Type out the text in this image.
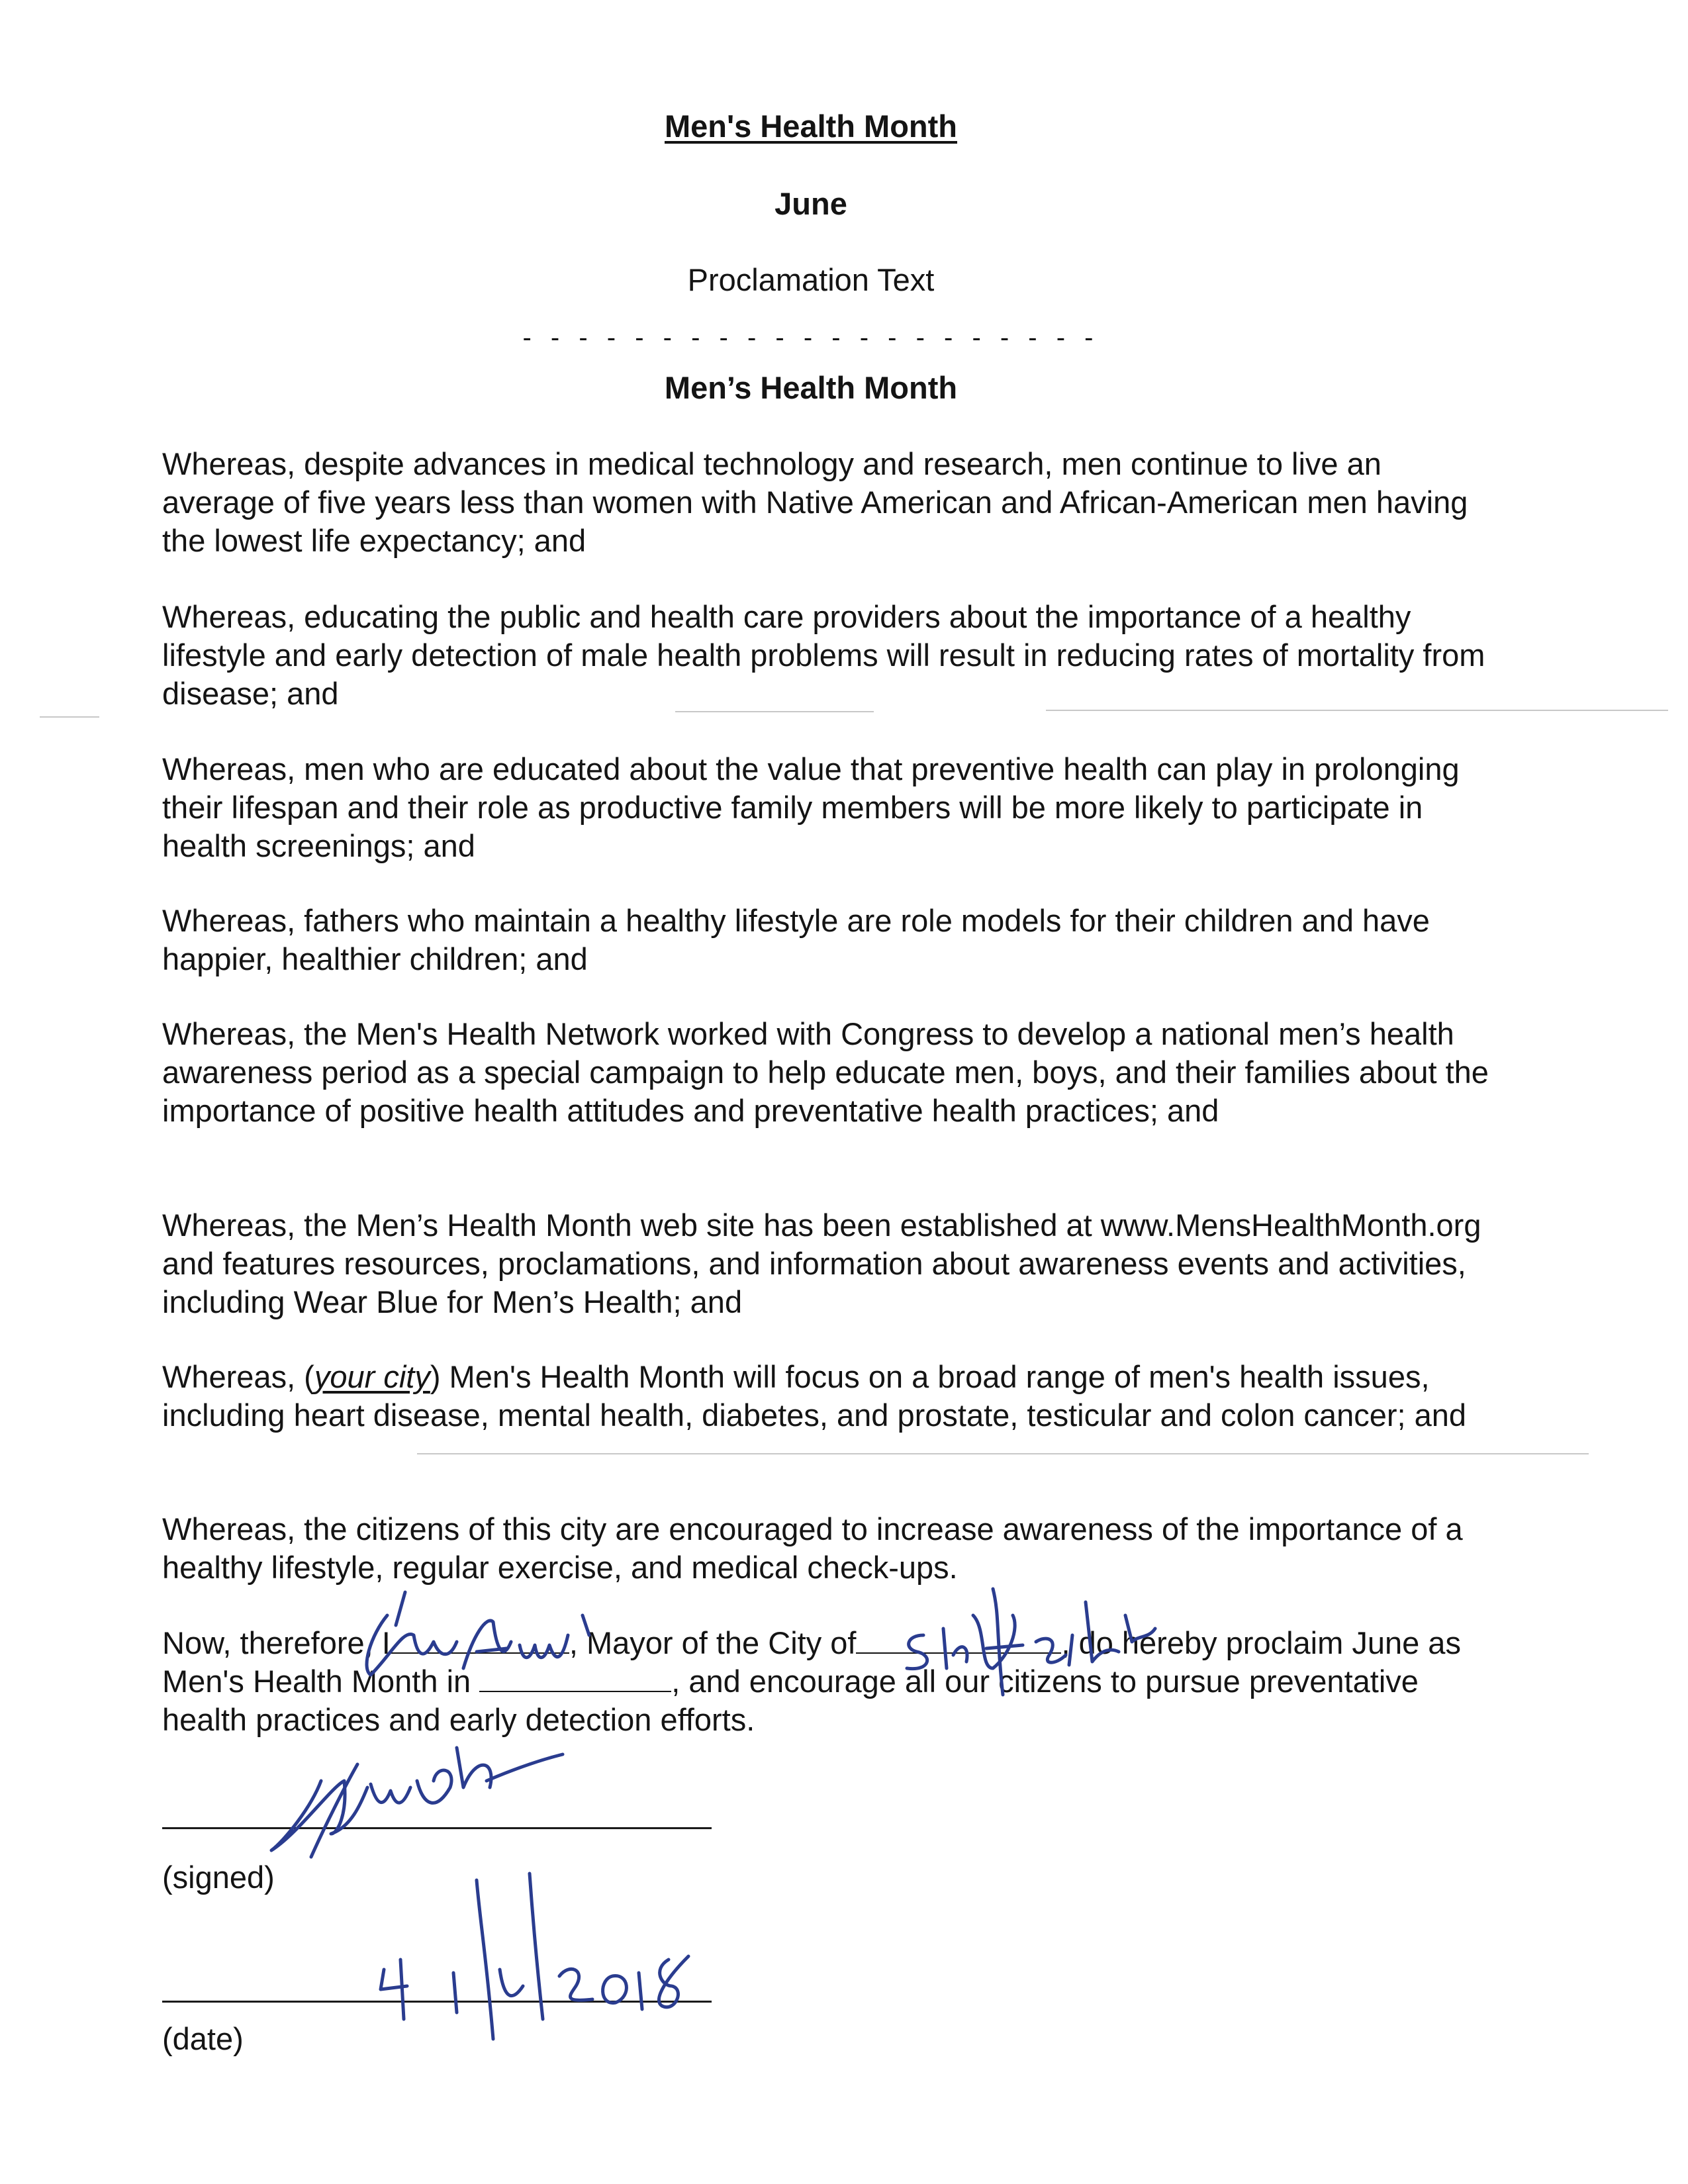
Men's Health Month
June
Proclamation Text
- - - - - - - - - - - - - - - - - - - - -
Men’s Health Month
Whereas, despite advances in medical technology and research, men continue to live an average of five years less than women with Native American and African-American men having the lowest life expectancy; and
Whereas, educating the public and health care providers about the importance of a healthy lifestyle and early detection of male health problems will result in reducing rates of mortality from disease; and
Whereas, men who are educated about the value that preventive health can play in prolonging their lifespan and their role as productive family members will be more likely to participate in health screenings; and
Whereas, fathers who maintain a healthy lifestyle are role models for their children and have happier, healthier children; and
Whereas, the Men's Health Network worked with Congress to develop a national men’s health awareness period as a special campaign to help educate men, boys, and their families about the importance of positive health attitudes and preventative health practices; and
Whereas, the Men’s Health Month web site has been established at www.MensHealthMonth.org and features resources, proclamations, and information about awareness events and activities, including Wear Blue for Men’s Health; and
Whereas, (your city) Men's Health Month will focus on a broad range of men's health issues, including heart disease, mental health, diabetes, and prostate, testicular and colon cancer; and
Whereas, the citizens of this city are encouraged to increase awareness of the importance of a healthy lifestyle, regular exercise, and medical check-ups.
Now, therefore, I	, Mayor of the City of	, do hereby proclaim June as Men's Health Month in	, and encourage all our citizens to pursue preventative health practices and early detection efforts.
(signed)
(date)
